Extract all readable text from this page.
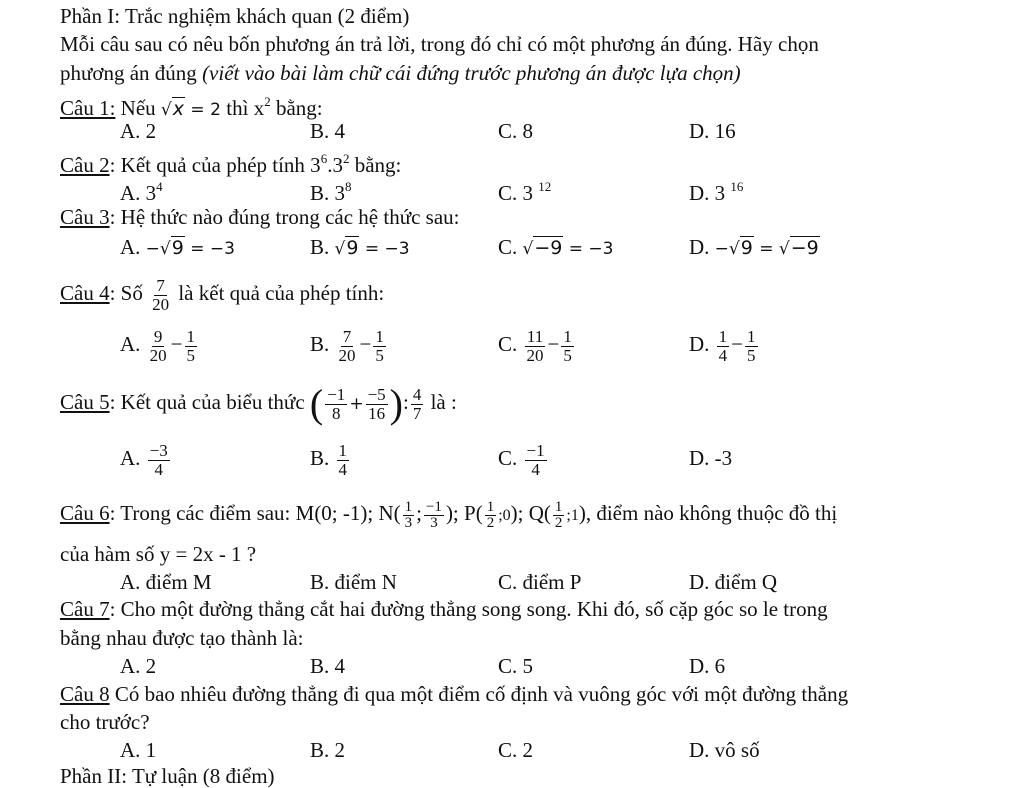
Phần I: Trắc nghiệm khách quan (2 điểm)
Mỗi câu sau có nêu bốn phương án trả lời, trong đó chỉ có một phương án đúng. Hãy chọn
phương án đúng (viết vào bài làm chữ cái đứng trước phương án được lựa chọn)
Câu 1: Nếu √x = 2 thì $x^2$ bằng:
A. 2	B. 4	C. 8	D. 16
Câu 2: Kết quả của phép tính $3^6.3^2$ bằng:
A. $3^4$	B. $3^8$	C. 3 $^{12}$	D. 3 $^{16}$
Câu 3: Hệ thức nào đúng trong các hệ thức sau:
A. −√9 = −3	B. √9 = −3	C. √−9 = −3	D. −√9 = √−9
Câu 4: Số $\frac{7}{20}$ là kết quả của phép tính:
A. $\frac{9}{20} - \frac{1}{5}$	B. $\frac{7}{20} - \frac{1}{5}$	C. $\frac{11}{20} - \frac{1}{5}$	D. $\frac{1}{4} - \frac{1}{5}$
Câu 5: Kết quả của biểu thức ( $\frac{-1}{8} + \frac{-5}{16}$ ): $\frac{4}{7}$ là :
A. $\frac{-3}{4}$	B. $\frac{1}{4}$	C. $\frac{-1}{4}$	D. -3
Câu 6: Trong các điểm sau: M(0; -1); $N( \frac{1}{3}$ ; $\frac{-1}{3}$ ); $P( \frac{1}{2}$ ;0); $Q( \frac{1}{2}$ ;1), điểm nào không thuộc đồ thị
của hàm số y = 2x - 1 ?
A. điểm M	B. điểm N	C. điểm P	D. điểm Q
Câu 7: Cho một đường thẳng cắt hai đường thẳng song song. Khi đó, số cặp góc so le trong
bằng nhau được tạo thành là:
A. 2	B. 4	C. 5	D. 6
Câu 8 Có bao nhiêu đường thẳng đi qua một điểm cố định và vuông góc với một đường thẳng
cho trước?
A. 1	B. 2	C. 2	D. vô số
Phần II: Tự luận (8 điểm)
